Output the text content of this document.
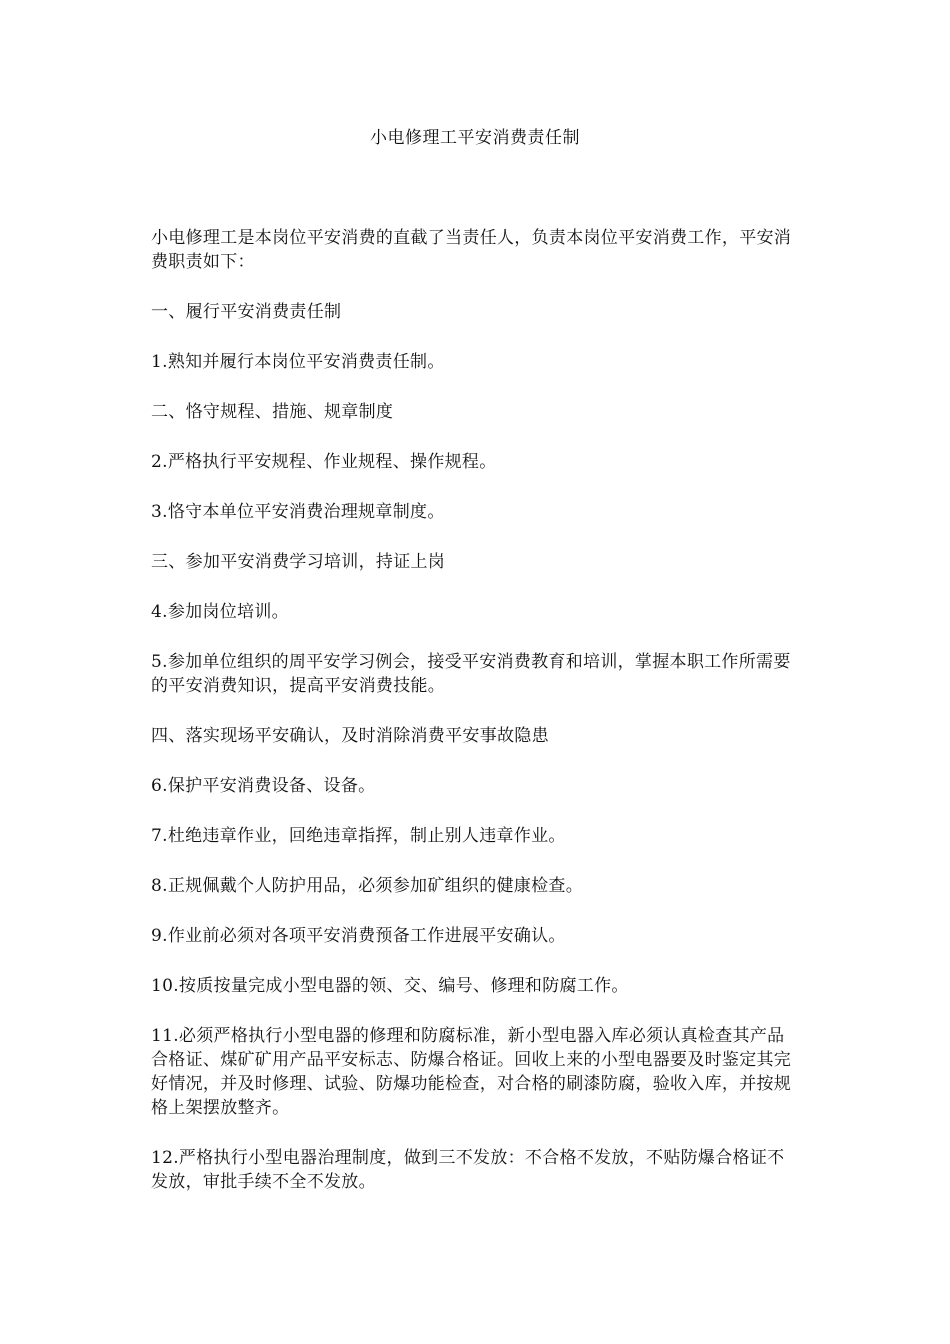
小电修理工平安消费责任制

小电修理工是本岗位平安消费的直截了当责任人，负责本岗位平安消费工作，平安消费职责如下：

一、履行平安消费责任制

1.熟知并履行本岗位平安消费责任制。

二、恪守规程、措施、规章制度

2.严格执行平安规程、作业规程、操作规程。

3.恪守本单位平安消费治理规章制度。

三、参加平安消费学习培训，持证上岗

4.参加岗位培训。

5.参加单位组织的周平安学习例会，接受平安消费教育和培训，掌握本职工作所需要的平安消费知识，提高平安消费技能。

四、落实现场平安确认，及时消除消费平安事故隐患

6.保护平安消费设备、设备。

7.杜绝违章作业，回绝违章指挥，制止别人违章作业。

8.正规佩戴个人防护用品，必须参加矿组织的健康检查。

9.作业前必须对各项平安消费预备工作进展平安确认。

10.按质按量完成小型电器的领、交、编号、修理和防腐工作。

11.必须严格执行小型电器的修理和防腐标准，新小型电器入库必须认真检查其产品合格证、煤矿矿用产品平安标志、防爆合格证。回收上来的小型电器要及时鉴定其完好情况，并及时修理、试验、防爆功能检查，对合格的刷漆防腐，验收入库，并按规格上架摆放整齐。

12.严格执行小型电器治理制度，做到三不发放：不合格不发放，不贴防爆合格证不发放，审批手续不全不发放。
